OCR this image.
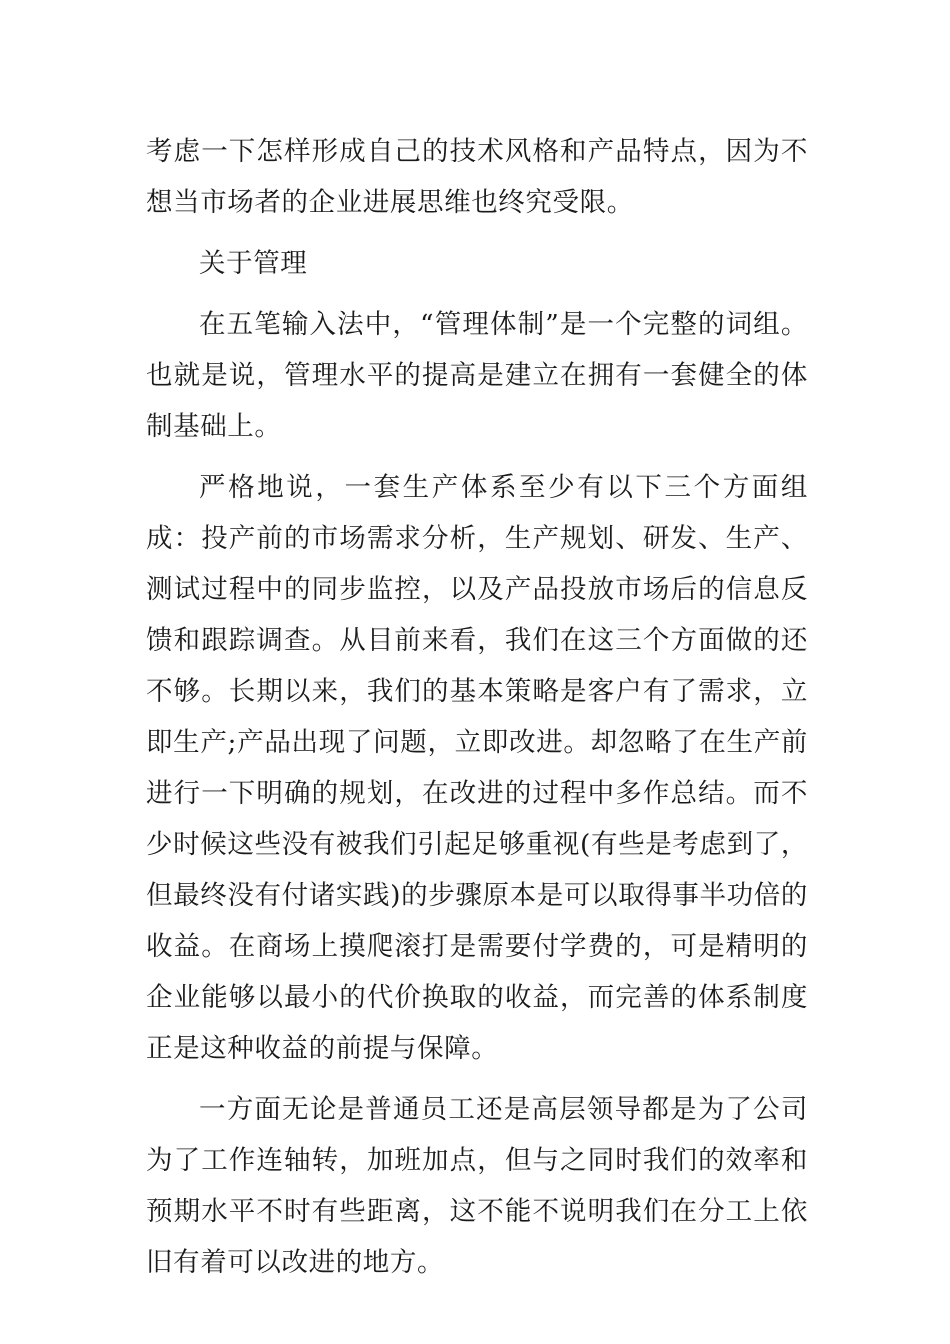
考虑一下怎样形成自己的技术风格和产品特点，因为不想当市场者的企业进展思维也终究受限。

关于管理

在五笔输入法中，“管理体制”是一个完整的词组。也就是说，管理水平的提高是建立在拥有一套健全的体制基础上。

严格地说，一套生产体系至少有以下三个方面组成：投产前的市场需求分析，生产规划、研发、生产、测试过程中的同步监控，以及产品投放市场后的信息反馈和跟踪调查。从目前来看，我们在这三个方面做的还不够。长期以来，我们的基本策略是客户有了需求，立即生产;产品出现了问题，立即改进。却忽略了在生产前进行一下明确的规划，在改进的过程中多作总结。而不少时候这些没有被我们引起足够重视(有些是考虑到了，但最终没有付诸实践)的步骤原本是可以取得事半功倍的收益。在商场上摸爬滚打是需要付学费的，可是精明的企业能够以最小的代价换取的收益，而完善的体系制度正是这种收益的前提与保障。

一方面无论是普通员工还是高层领导都是为了公司为了工作连轴转，加班加点，但与之同时我们的效率和预期水平不时有些距离，这不能不说明我们在分工上依旧有着可以改进的地方。
